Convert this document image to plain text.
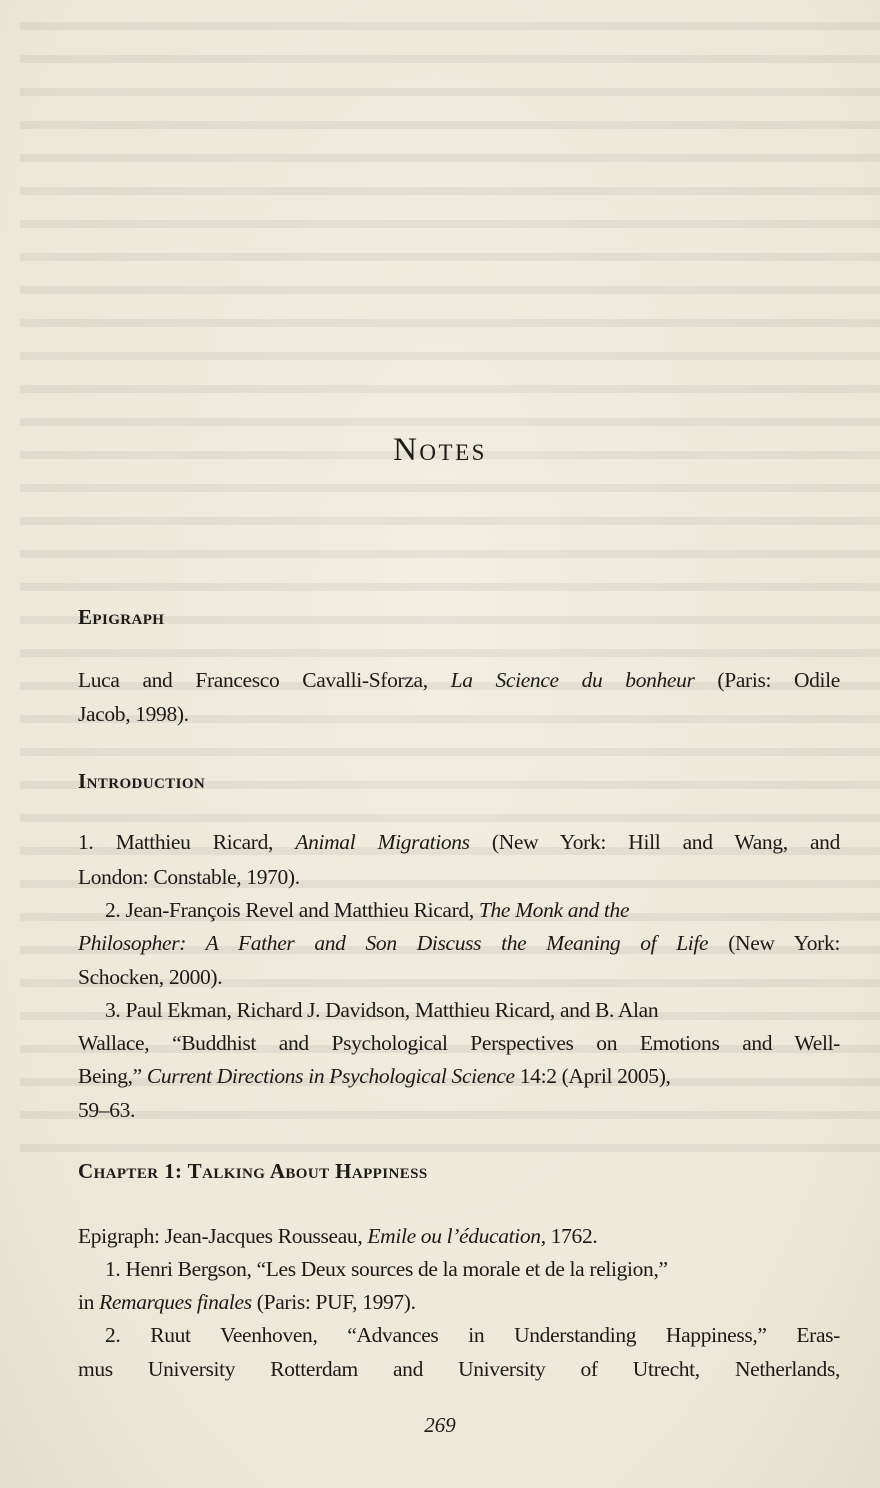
Notes
Epigraph
Luca and Francesco Cavalli-Sforza, La Science du bonheur (Paris: Odile
Jacob, 1998).
Introduction
1. Matthieu Ricard, Animal Migrations (New York: Hill and Wang, and
London: Constable, 1970).
2. Jean-François Revel and Matthieu Ricard, The Monk and the
Philosopher: A Father and Son Discuss the Meaning of Life (New York:
Schocken, 2000).
3. Paul Ekman, Richard J. Davidson, Matthieu Ricard, and B. Alan
Wallace, “Buddhist and Psychological Perspectives on Emotions and Well-
Being,” Current Directions in Psychological Science 14:2 (April 2005),
59–63.
Chapter 1: Talking About Happiness
Epigraph: Jean-Jacques Rousseau, Emile ou l’éducation, 1762.
1. Henri Bergson, “Les Deux sources de la morale et de la religion,”
in Remarques finales (Paris: PUF, 1997).
2. Ruut Veenhoven, “Advances in Understanding Happiness,” Eras-
mus University Rotterdam and University of Utrecht, Netherlands,
269
